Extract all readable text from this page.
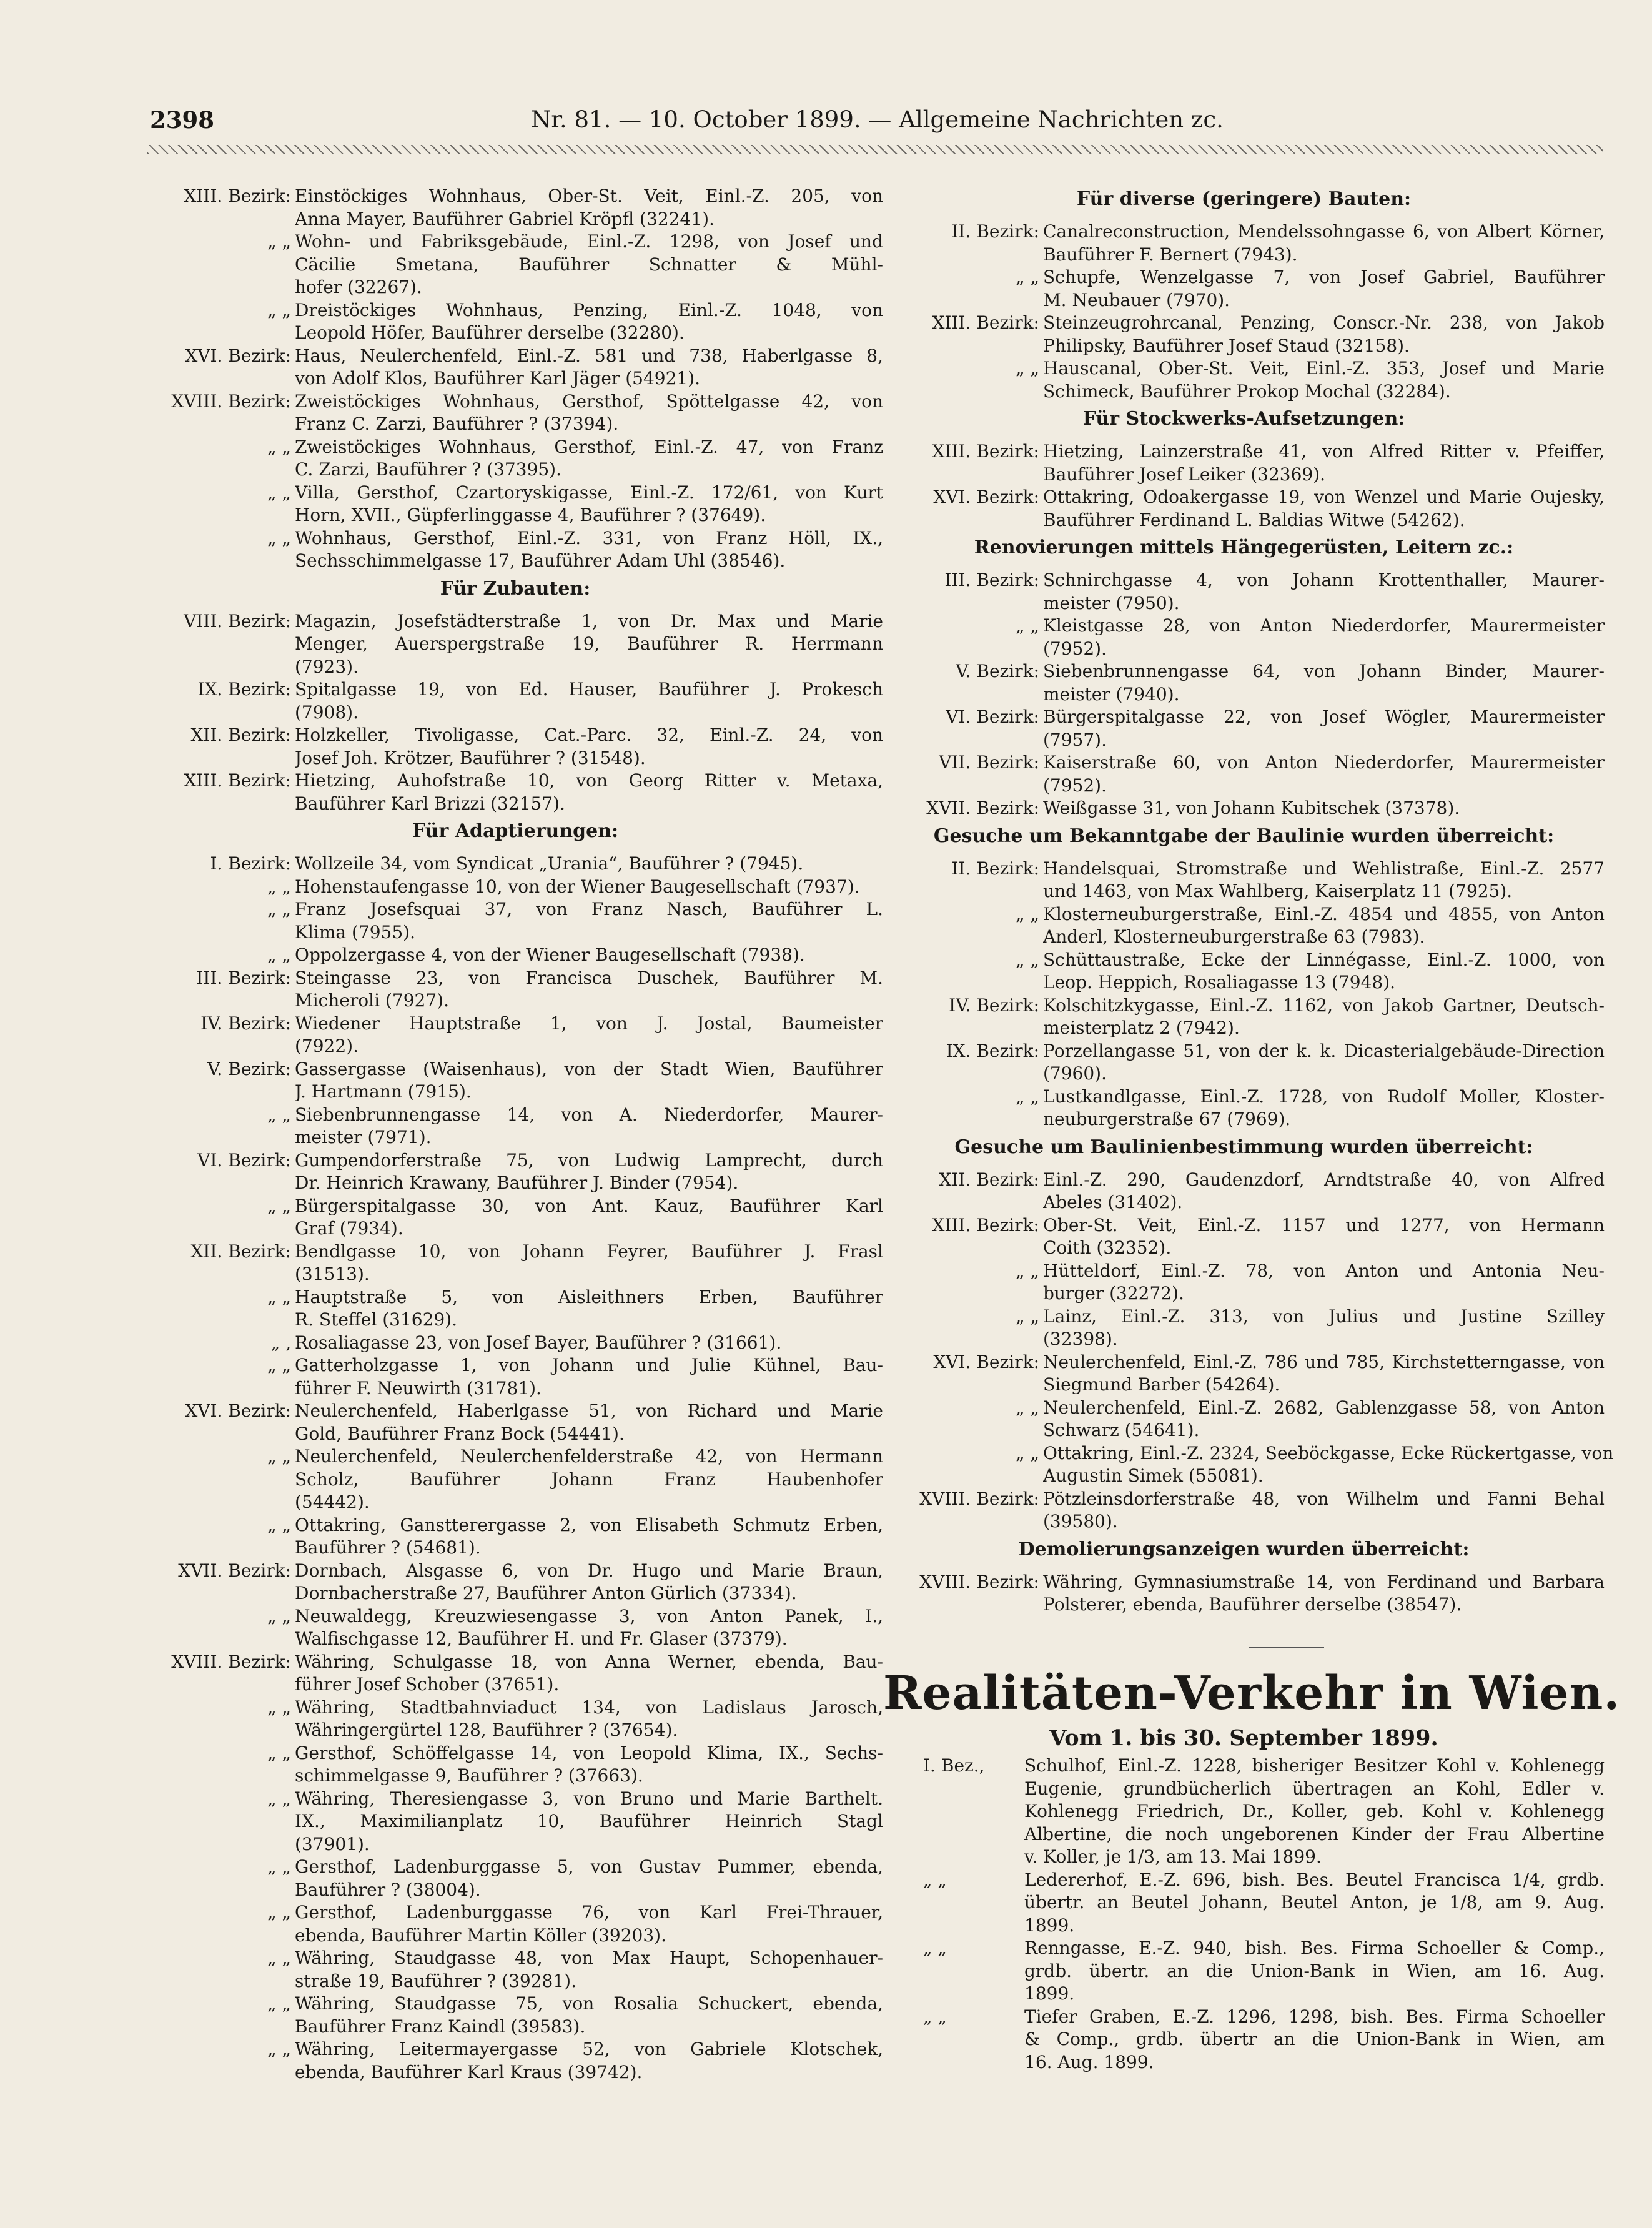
2398	Nr. 81. — 10. October 1899. — Allgemeine Nachrichten zc.
XIII. Bezirk: Einstöckiges Wohnhaus, Ober-St. Veit, Einl.-Z. 205, von
Anna Mayer, Bauführer Gabriel Kröpfl (32241).
„ „ Wohn- und Fabriksgebäude, Einl.-Z. 1298, von Josef und
Cäcilie Smetana, Bauführer Schnatter & Mühl-
hofer (32267).
„ „ Dreistöckiges Wohnhaus, Penzing, Einl.-Z. 1048, von
Leopold Höfer, Bauführer derselbe (32280).
XVI. Bezirk: Haus, Neulerchenfeld, Einl.-Z. 581 und 738, Haberlgasse 8,
von Adolf Klos, Bauführer Karl Jäger (54921).
XVIII. Bezirk: Zweistöckiges Wohnhaus, Gersthof, Spöttelgasse 42, von
Franz C. Zarzi, Bauführer ? (37394).
„ „ Zweistöckiges Wohnhaus, Gersthof, Einl.-Z. 47, von Franz
C. Zarzi, Bauführer ? (37395).
„ „ Villa, Gersthof, Czartoryskigasse, Einl.-Z. 172/61, von Kurt
Horn, XVII., Güpferlinggasse 4, Bauführer ? (37649).
„ „ Wohnhaus, Gersthof, Einl.-Z. 331, von Franz Höll, IX.,
Sechsschimmelgasse 17, Bauführer Adam Uhl (38546).
Für Zubauten:
VIII. Bezirk: Magazin, Josefstädterstraße 1, von Dr. Max und Marie
Menger, Auerspergstraße 19, Bauführer R. Herrmann
(7923).
IX. Bezirk: Spitalgasse 19, von Ed. Hauser, Bauführer J. Prokesch
(7908).
XII. Bezirk: Holzkeller, Tivoligasse, Cat.-Parc. 32, Einl.-Z. 24, von
Josef Joh. Krötzer, Bauführer ? (31548).
XIII. Bezirk: Hietzing, Auhofstraße 10, von Georg Ritter v. Metaxa,
Bauführer Karl Brizzi (32157).
Für Adaptierungen:
I. Bezirk: Wollzeile 34, vom Syndicat „Urania“, Bauführer ? (7945).
„ „ Hohenstaufengasse 10, von der Wiener Baugesellschaft (7937).
„ „ Franz Josefsquai 37, von Franz Nasch, Bauführer L.
Klima (7955).
„ „ Oppolzergasse 4, von der Wiener Baugesellschaft (7938).
III. Bezirk: Steingasse 23, von Francisca Duschek, Bauführer M.
Micheroli (7927).
IV. Bezirk: Wiedener Hauptstraße 1, von J. Jostal, Baumeister
(7922).
V. Bezirk: Gassergasse (Waisenhaus), von der Stadt Wien, Bauführer
J. Hartmann (7915).
„ „ Siebenbrunnengasse 14, von A. Niederdorfer, Maurer-
meister (7971).
VI. Bezirk: Gumpendorferstraße 75, von Ludwig Lamprecht, durch
Dr. Heinrich Krawany, Bauführer J. Binder (7954).
„ „ Bürgerspitalgasse 30, von Ant. Kauz, Bauführer Karl
Graf (7934).
XII. Bezirk: Bendlgasse 10, von Johann Feyrer, Bauführer J. Frasl
(31513).
„ „ Hauptstraße 5, von Aisleithners Erben, Bauführer
R. Steffel (31629).
„ ‚ Rosaliagasse 23, von Josef Bayer, Bauführer ? (31661).
„ „ Gatterholzgasse 1, von Johann und Julie Kühnel, Bau-
führer F. Neuwirth (31781).
XVI. Bezirk: Neulerchenfeld, Haberlgasse 51, von Richard und Marie
Gold, Bauführer Franz Bock (54441).
„ „ Neulerchenfeld, Neulerchenfelderstraße 42, von Hermann
Scholz, Bauführer Johann Franz Haubenhofer
(54442).
„ „ Ottakring, Ganstterergasse 2, von Elisabeth Schmutz Erben,
Bauführer ? (54681).
XVII. Bezirk: Dornbach, Alsgasse 6, von Dr. Hugo und Marie Braun,
Dornbacherstraße 27, Bauführer Anton Gürlich (37334).
„ „ Neuwaldegg, Kreuzwiesengasse 3, von Anton Panek, I.,
Walfischgasse 12, Bauführer H. und Fr. Glaser (37379).
XVIII. Bezirk: Währing, Schulgasse 18, von Anna Werner, ebenda, Bau-
führer Josef Schober (37651).
„ „ Währing, Stadtbahnviaduct 134, von Ladislaus Jarosch,
Währingergürtel 128, Bauführer ? (37654).
„ „ Gersthof, Schöffelgasse 14, von Leopold Klima, IX., Sechs-
schimmelgasse 9, Bauführer ? (37663).
„ „ Währing, Theresiengasse 3, von Bruno und Marie Barthelt.
IX., Maximilianplatz 10, Bauführer Heinrich Stagl
(37901).
„ „ Gersthof, Ladenburggasse 5, von Gustav Pummer, ebenda,
Bauführer ? (38004).
„ „ Gersthof, Ladenburggasse 76, von Karl Frei-Thrauer,
ebenda, Bauführer Martin Köller (39203).
„ „ Währing, Staudgasse 48, von Max Haupt, Schopenhauer-
straße 19, Bauführer ? (39281).
„ „ Währing, Staudgasse 75, von Rosalia Schuckert, ebenda,
Bauführer Franz Kaindl (39583).
„ „ Währing, Leitermayergasse 52, von Gabriele Klotschek,
ebenda, Bauführer Karl Kraus (39742).
Für diverse (geringere) Bauten:
II. Bezirk: Canalreconstruction, Mendelssohngasse 6, von Albert Körner,
Bauführer F. Bernert (7943).
„ „ Schupfe, Wenzelgasse 7, von Josef Gabriel, Bauführer
M. Neubauer (7970).
XIII. Bezirk: Steinzeugrohrcanal, Penzing, Conscr.-Nr. 238, von Jakob
Philipsky, Bauführer Josef Staud (32158).
„ „ Hauscanal, Ober-St. Veit, Einl.-Z. 353, Josef und Marie
Schimeck, Bauführer Prokop Mochal (32284).
Für Stockwerks-Aufsetzungen:
XIII. Bezirk: Hietzing, Lainzerstraße 41, von Alfred Ritter v. Pfeiffer,
Bauführer Josef Leiker (32369).
XVI. Bezirk: Ottakring, Odoakergasse 19, von Wenzel und Marie Oujesky,
Bauführer Ferdinand L. Baldias Witwe (54262).
Renovierungen mittels Hängegerüsten, Leitern zc.:
III. Bezirk: Schnirchgasse 4, von Johann Krottenthaller, Maurer-
meister (7950).
„ „ Kleistgasse 28, von Anton Niederdorfer, Maurermeister
(7952).
V. Bezirk: Siebenbrunnengasse 64, von Johann Binder, Maurer-
meister (7940).
VI. Bezirk: Bürgerspitalgasse 22, von Josef Wögler, Maurermeister
(7957).
VII. Bezirk: Kaiserstraße 60, von Anton Niederdorfer, Maurermeister
(7952).
XVII. Bezirk: Weißgasse 31, von Johann Kubitschek (37378).
Gesuche um Bekanntgabe der Baulinie wurden überreicht:
II. Bezirk: Handelsquai, Stromstraße und Wehlistraße, Einl.-Z. 2577
und 1463, von Max Wahlberg, Kaiserplatz 11 (7925).
„ „ Klosterneuburgerstraße, Einl.-Z. 4854 und 4855, von Anton
Anderl, Klosterneuburgerstraße 63 (7983).
„ „ Schüttaustraße, Ecke der Linnégasse, Einl.-Z. 1000, von
Leop. Heppich, Rosaliagasse 13 (7948).
IV. Bezirk: Kolschitzkygasse, Einl.-Z. 1162, von Jakob Gartner, Deutsch-
meisterplatz 2 (7942).
IX. Bezirk: Porzellangasse 51, von der k. k. Dicasterialgebäude-Direction
(7960).
„ „ Lustkandlgasse, Einl.-Z. 1728, von Rudolf Moller, Kloster-
neuburgerstraße 67 (7969).
Gesuche um Baulinienbestimmung wurden überreicht:
XII. Bezirk: Einl.-Z. 290, Gaudenzdorf, Arndtstraße 40, von Alfred
Abeles (31402).
XIII. Bezirk: Ober-St. Veit, Einl.-Z. 1157 und 1277, von Hermann
Coith (32352).
„ „ Hütteldorf, Einl.-Z. 78, von Anton und Antonia Neu-
burger (32272).
„ „ Lainz, Einl.-Z. 313, von Julius und Justine Szilley
(32398).
XVI. Bezirk: Neulerchenfeld, Einl.-Z. 786 und 785, Kirchstetterngasse, von
Siegmund Barber (54264).
„ „ Neulerchenfeld, Einl.-Z. 2682, Gablenzgasse 58, von Anton
Schwarz (54641).
„ „ Ottakring, Einl.-Z. 2324, Seeböckgasse, Ecke Rückertgasse, von
Augustin Simek (55081).
XVIII. Bezirk: Pötzleinsdorferstraße 48, von Wilhelm und Fanni Behal
(39580).
Demolierungsanzeigen wurden überreicht:
XVIII. Bezirk: Währing, Gymnasiumstraße 14, von Ferdinand und Barbara
Polsterer, ebenda, Bauführer derselbe (38547).
Realitäten-Verkehr in Wien.
Vom 1. bis 30. September 1899.
I. Bez.,	Schulhof, Einl.-Z. 1228, bisheriger Besitzer Kohl v. Kohlenegg
Eugenie, grundbücherlich übertragen an Kohl, Edler v.
Kohlenegg Friedrich, Dr., Koller, geb. Kohl v. Kohlenegg
Albertine, die noch ungeborenen Kinder der Frau Albertine
v. Koller, je 1/3, am 13. Mai 1899.
„ „	Ledererhof, E.-Z. 696, bish. Bes. Beutel Francisca 1/4, grdb.
übertr. an Beutel Johann, Beutel Anton, je 1/8, am 9. Aug.
1899.
„ „	Renngasse, E.-Z. 940, bish. Bes. Firma Schoeller & Comp.,
grdb. übertr. an die Union-Bank in Wien, am 16. Aug.
1899.
„ „	Tiefer Graben, E.-Z. 1296, 1298, bish. Bes. Firma Schoeller
& Comp., grdb. übertr an die Union-Bank in Wien, am
16. Aug. 1899.
